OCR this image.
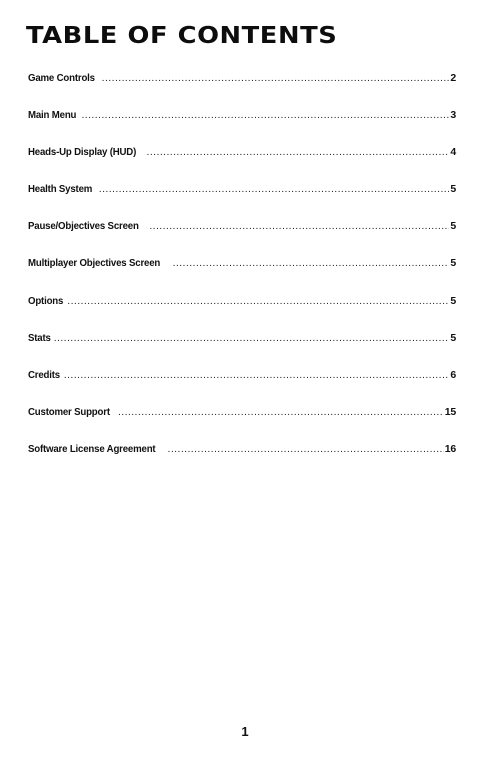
TABLE OF CONTENTS
Game Controls .....	2
Main Menu .....	3
Heads-Up Display (HUD) .....	4
Health System .....	5
Pause/Objectives Screen .....	5
Multiplayer Objectives Screen .....	5
Options .....	5
Stats .....	5
Credits .....	6
Customer Support .....	15
Software License Agreement .....	16
1
